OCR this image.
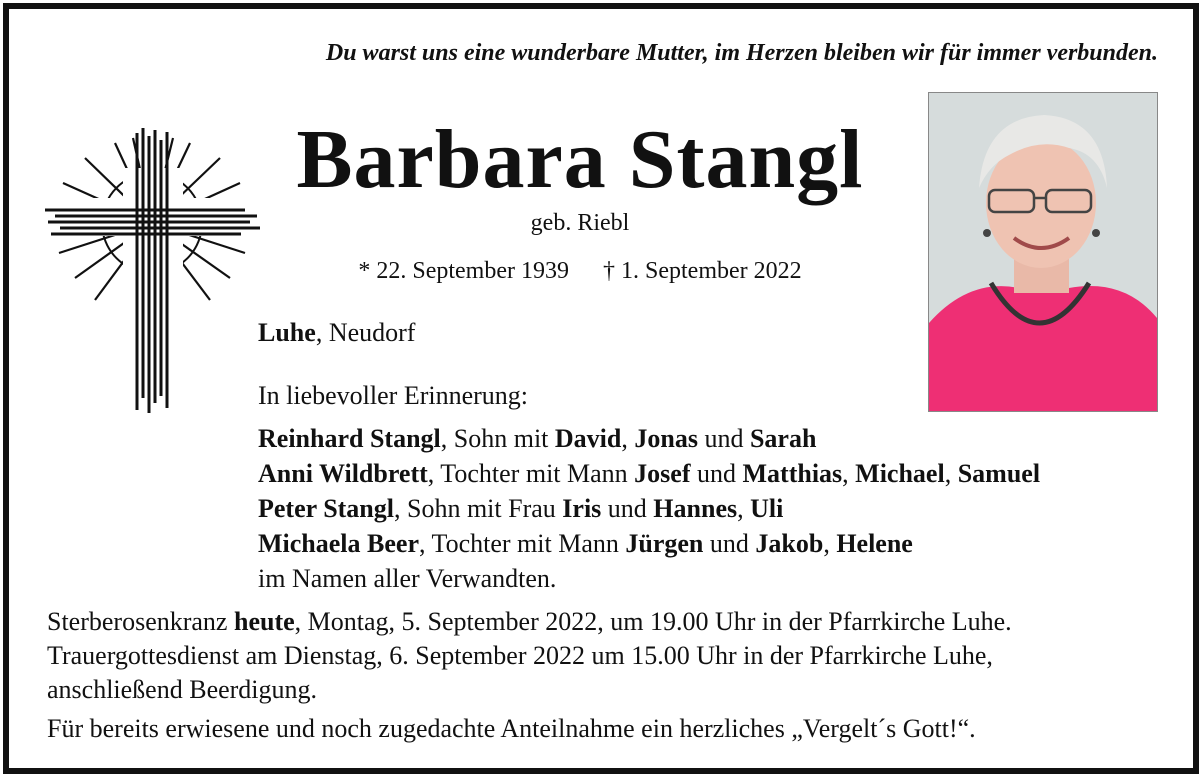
Du warst uns eine wunderbare Mutter, im Herzen bleiben wir für immer verbunden.
Barbara Stangl
geb. Riebl
* 22. September 1939 † 1. September 2022
Luhe, Neudorf
In liebevoller Erinnerung:
Reinhard Stangl, Sohn mit David, Jonas und Sarah
Anni Wildbrett, Tochter mit Mann Josef und Matthias, Michael, Samuel
Peter Stangl, Sohn mit Frau Iris und Hannes, Uli
Michaela Beer, Tochter mit Mann Jürgen und Jakob, Helene
im Namen aller Verwandten.
Sterberosenkranz heute, Montag, 5. September 2022, um 19.00 Uhr in der Pfarrkirche Luhe.
Trauergottesdienst am Dienstag, 6. September 2022 um 15.00 Uhr in der Pfarrkirche Luhe,
anschließend Beerdigung.
Für bereits erwiesene und noch zugedachte Anteilnahme ein herzliches „Vergelt´s Gott!“.
